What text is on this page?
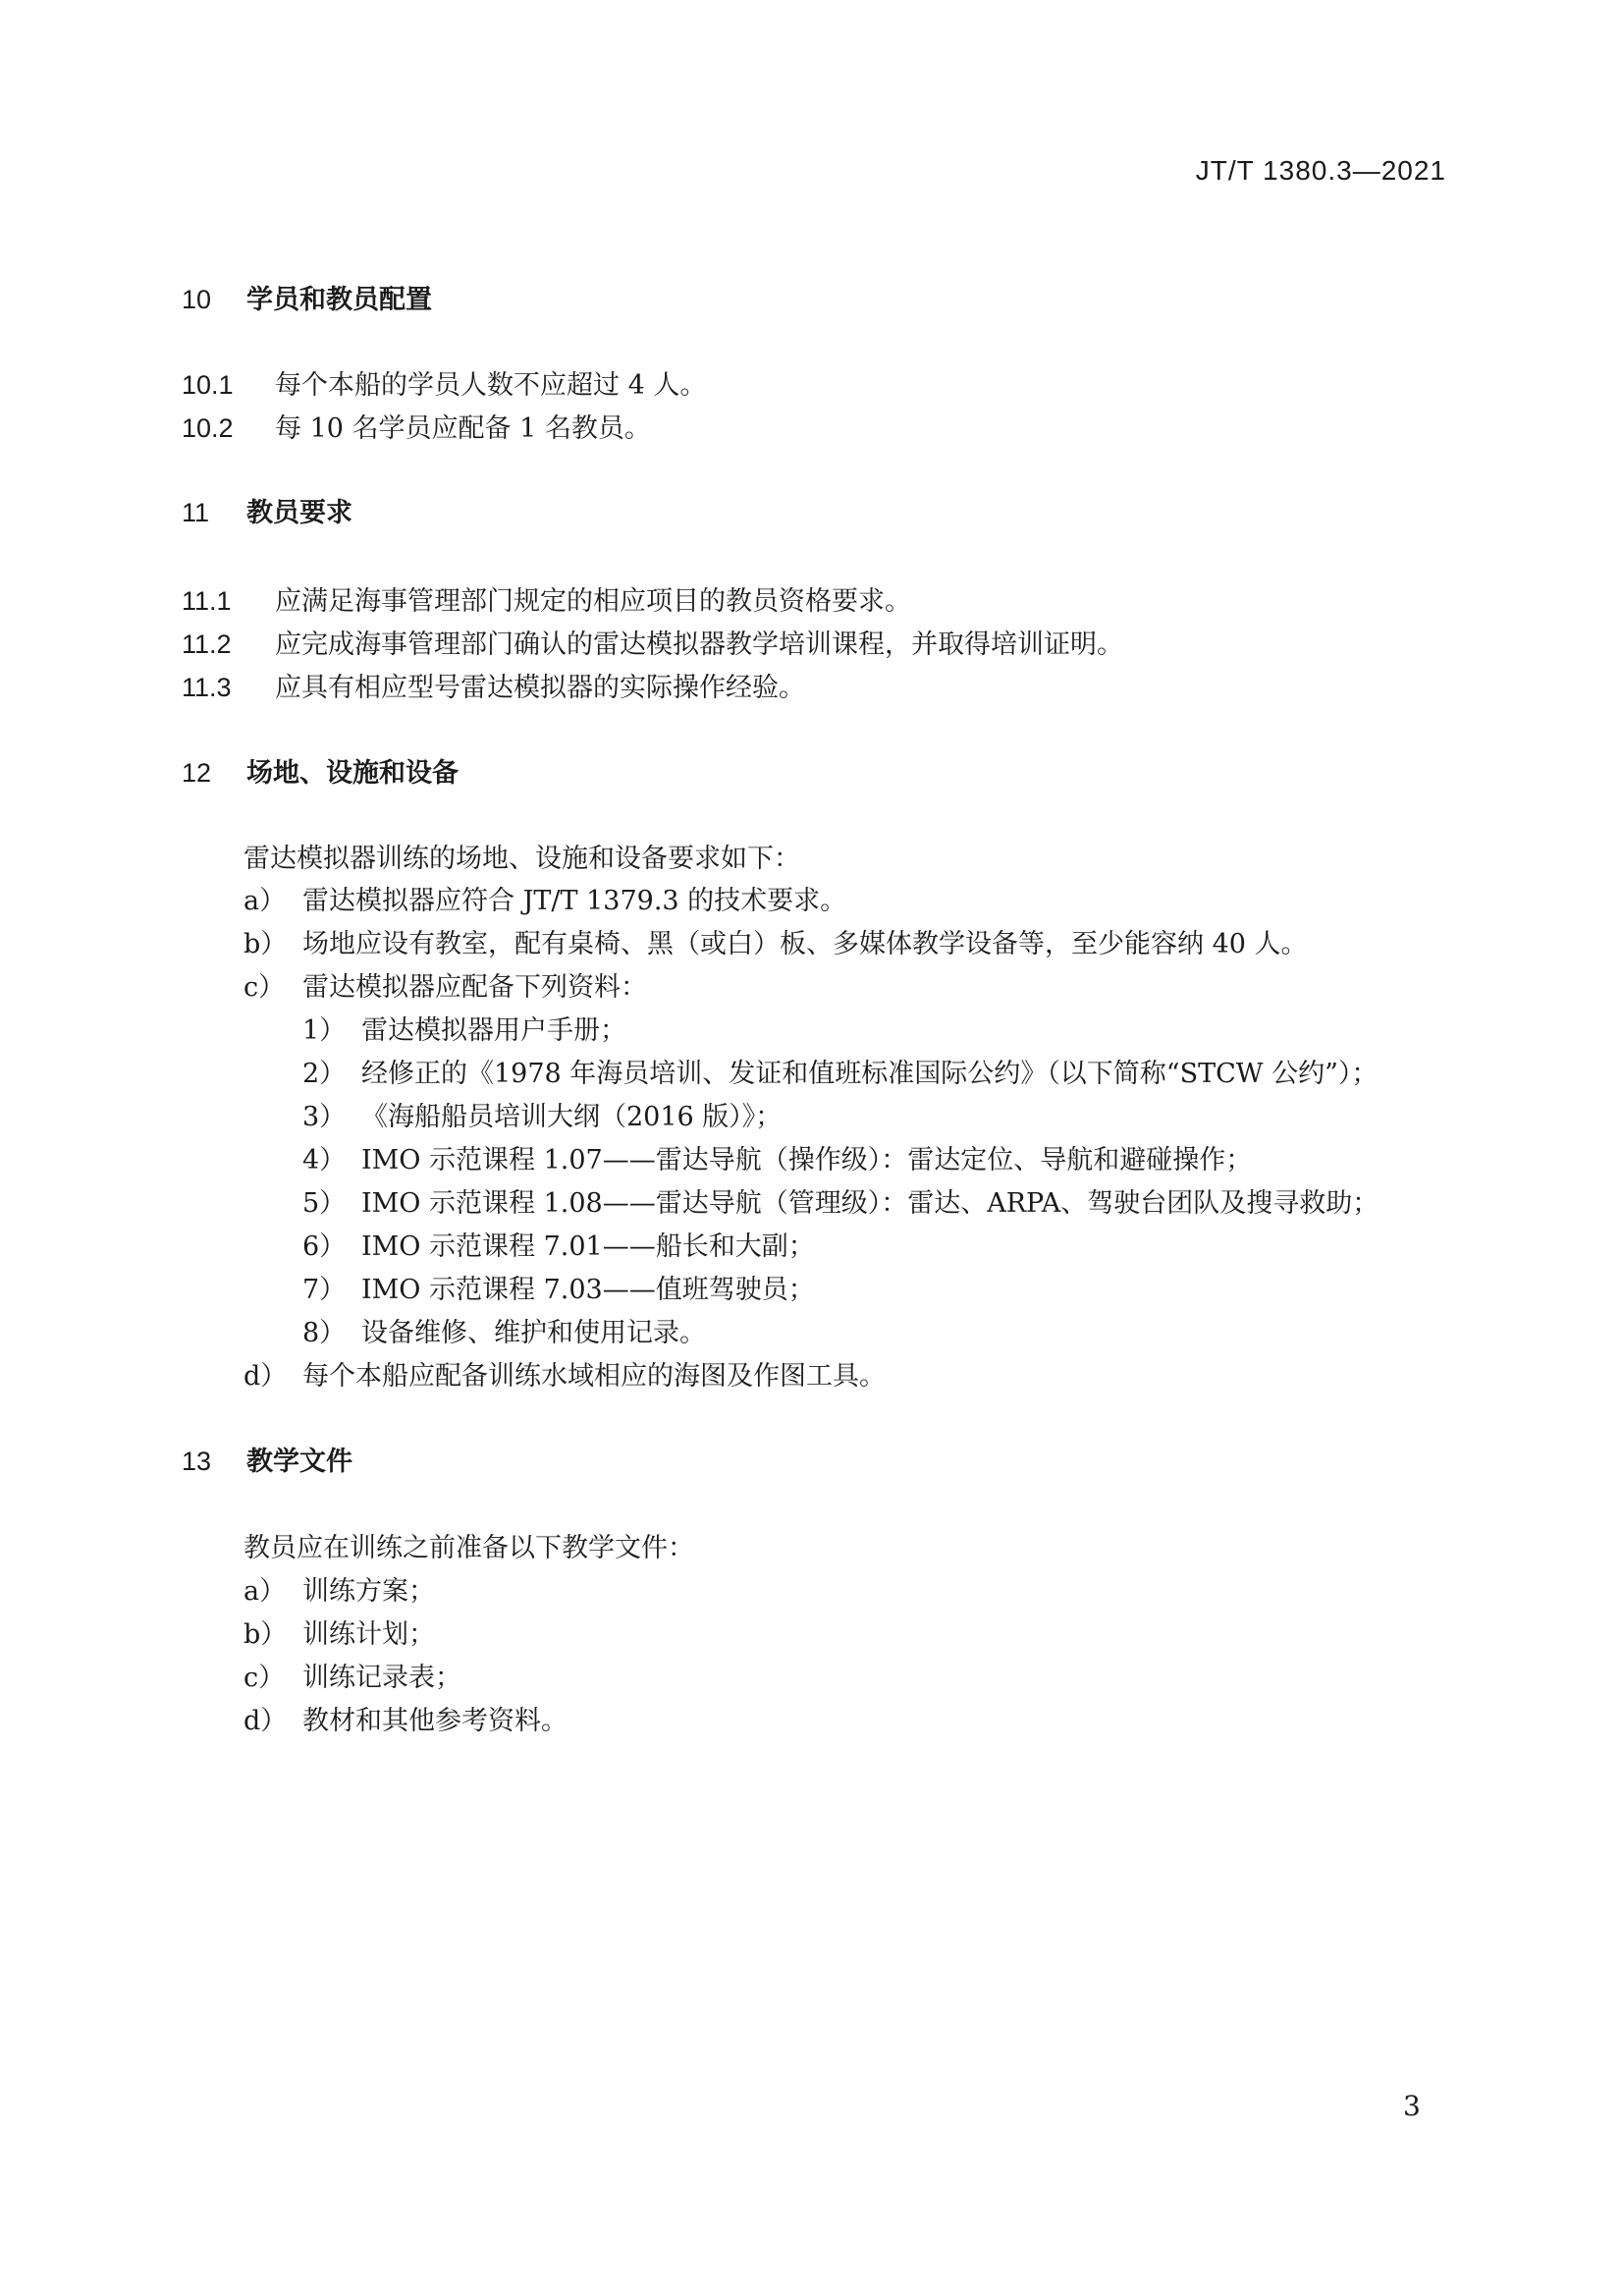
JT/T 1380.3—2021
10 学员和教员配置
10.1 每个本船的学员人数不应超过 4 人。
10.2 每 10 名学员应配备 1 名教员。
11 教员要求
11.1 应满足海事管理部门规定的相应项目的教员资格要求。
11.2 应完成海事管理部门确认的雷达模拟器教学培训课程，并取得培训证明。
11.3 应具有相应型号雷达模拟器的实际操作经验。
12 场地、设施和设备
雷达模拟器训练的场地、设施和设备要求如下：
a） 雷达模拟器应符合 JT/T 1379.3 的技术要求。
b） 场地应设有教室，配有桌椅、黑（或白）板、多媒体教学设备等，至少能容纳 40 人。
c） 雷达模拟器应配备下列资料：
1） 雷达模拟器用户手册；
2） 经修正的《1978 年海员培训、发证和值班标准国际公约》（以下简称“STCW 公约”）；
3） 《海船船员培训大纲（2016 版）》；
4） IMO 示范课程 1.07——雷达导航（操作级）：雷达定位、导航和避碰操作；
5） IMO 示范课程 1.08——雷达导航（管理级）：雷达、ARPA、驾驶台团队及搜寻救助；
6） IMO 示范课程 7.01——船长和大副；
7） IMO 示范课程 7.03——值班驾驶员；
8） 设备维修、维护和使用记录。
d） 每个本船应配备训练水域相应的海图及作图工具。
13 教学文件
教员应在训练之前准备以下教学文件：
a） 训练方案；
b） 训练计划；
c） 训练记录表；
d） 教材和其他参考资料。
3
